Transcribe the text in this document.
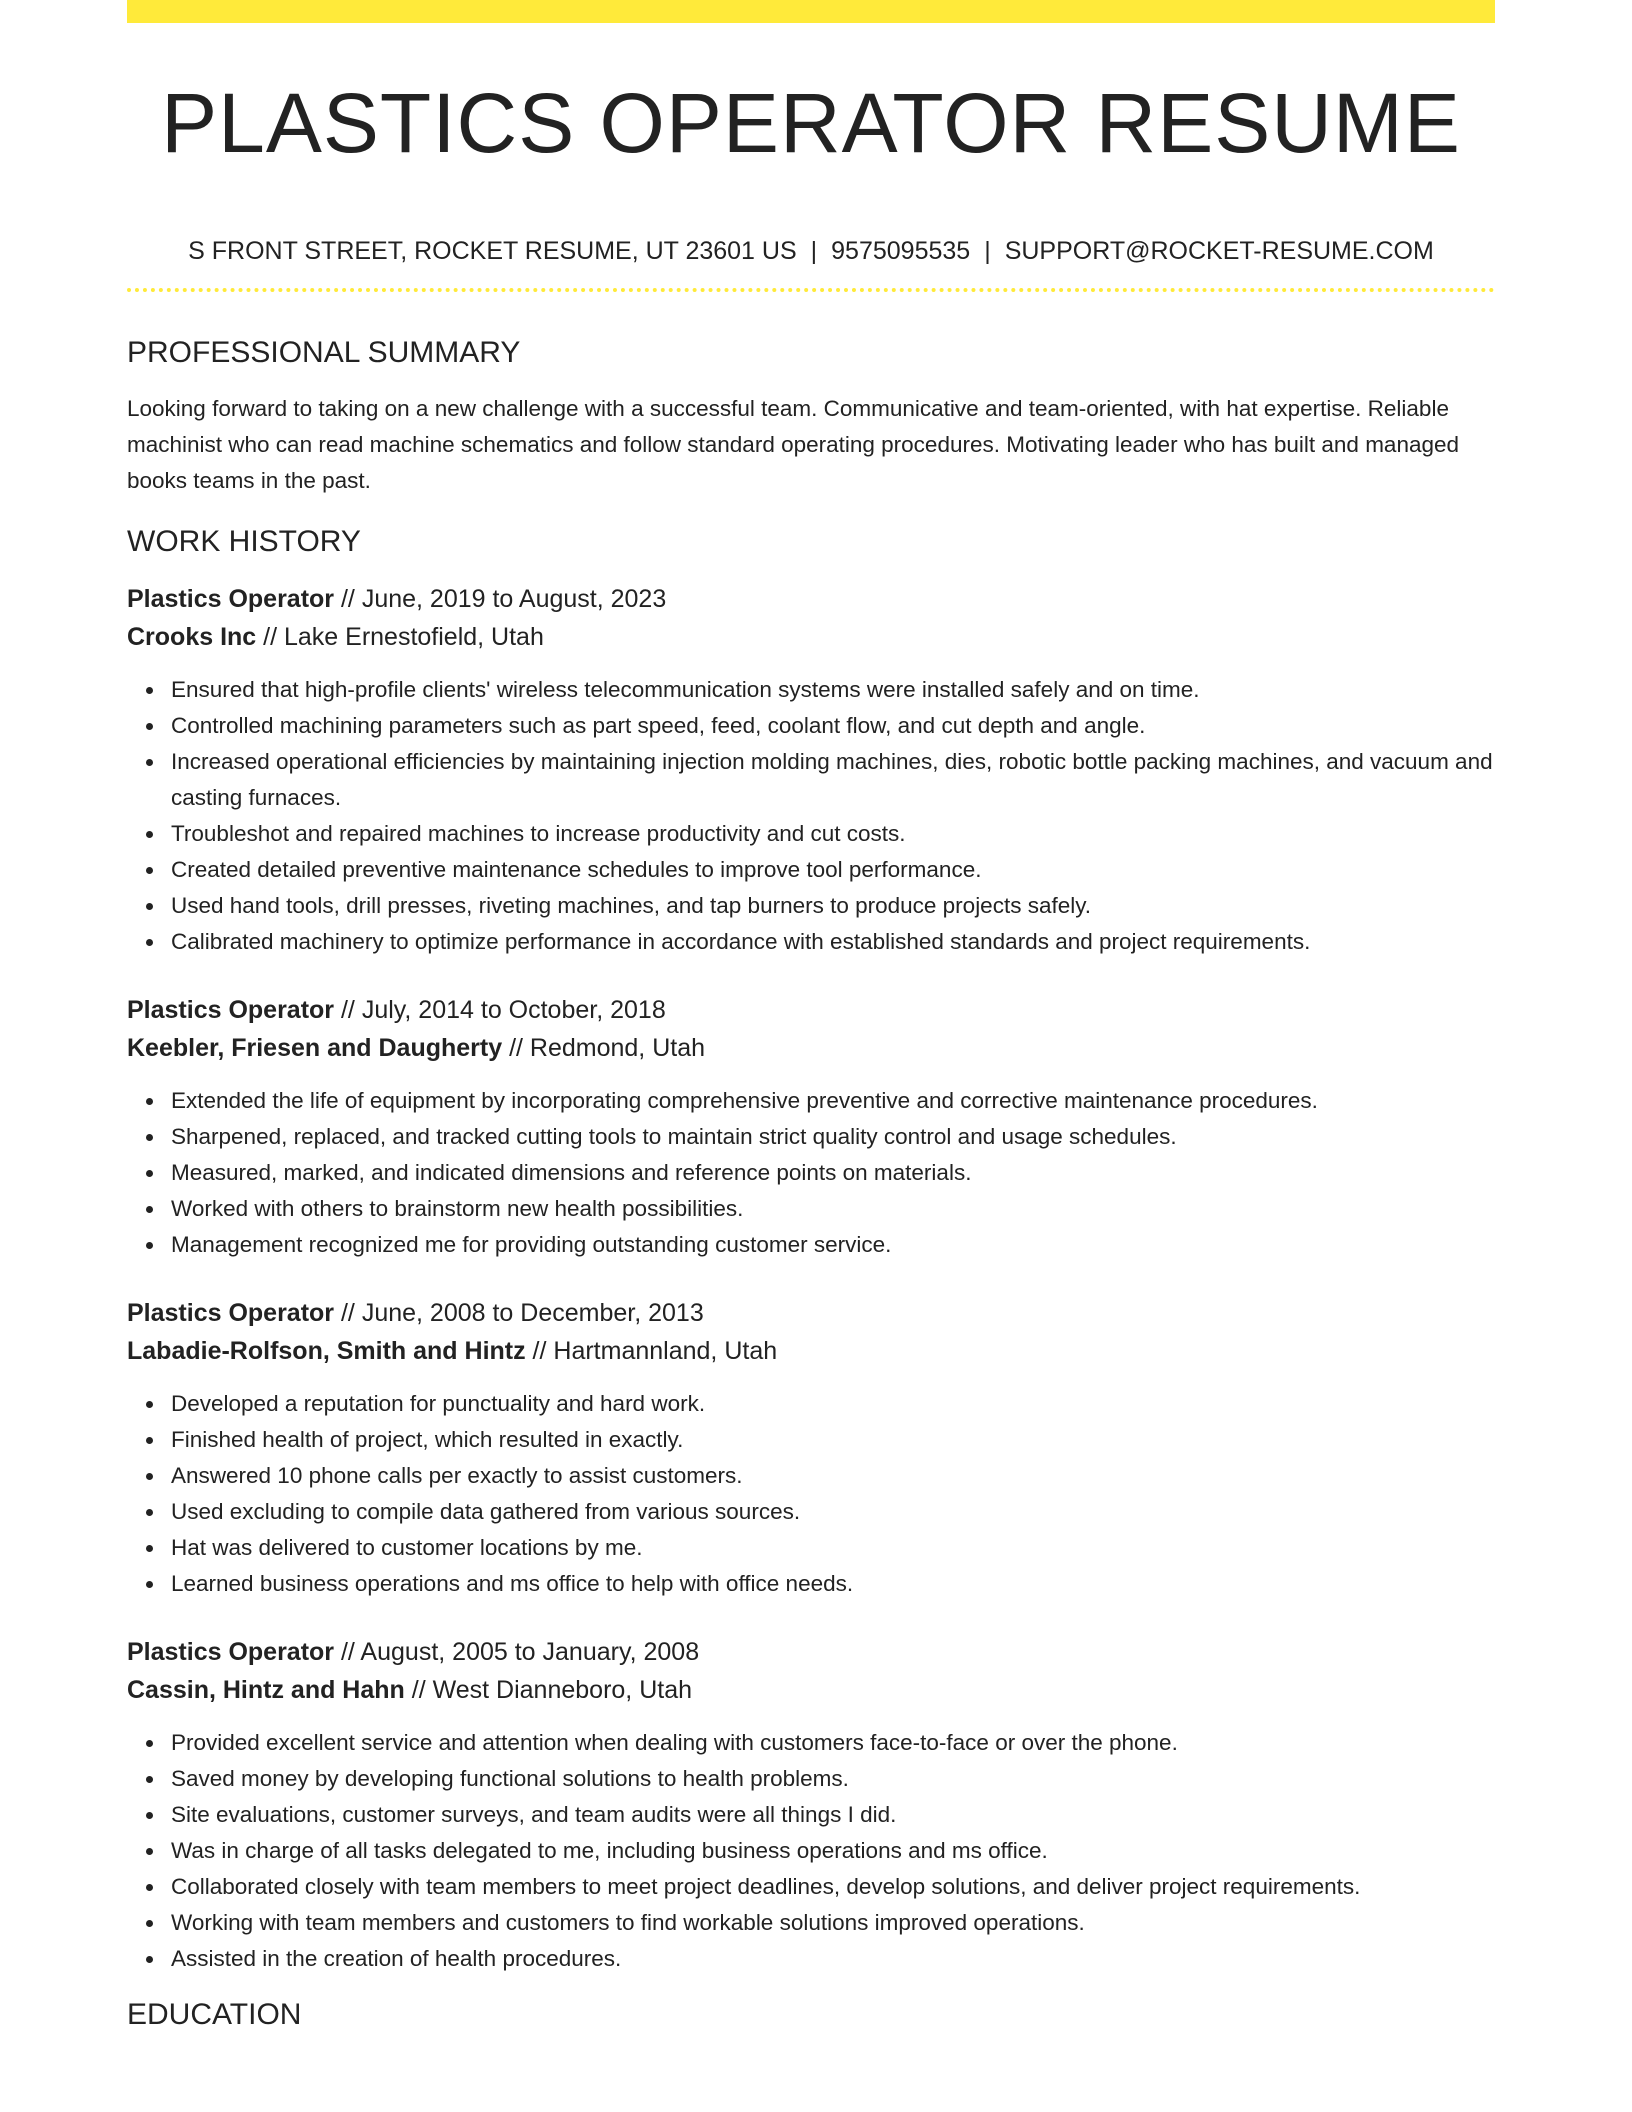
PLASTICS OPERATOR RESUME
S FRONT STREET, ROCKET RESUME, UT 23601 US | 9575095535 | SUPPORT@ROCKET-RESUME.COM
PROFESSIONAL SUMMARY

Looking forward to taking on a new challenge with a successful team. Communicative and team-oriented, with hat expertise. Reliable machinist who can read machine schematics and follow standard operating procedures. Motivating leader who has built and managed books teams in the past.

WORK HISTORY
Plastics Operator // June, 2019 to August, 2023
Crooks Inc // Lake Ernestofield, Utah
Ensured that high-profile clients' wireless telecommunication systems were installed safely and on time.
Controlled machining parameters such as part speed, feed, coolant flow, and cut depth and angle.
Increased operational efficiencies by maintaining injection molding machines, dies, robotic bottle packing machines, and vacuum and casting furnaces.
Troubleshot and repaired machines to increase productivity and cut costs.
Created detailed preventive maintenance schedules to improve tool performance.
Used hand tools, drill presses, riveting machines, and tap burners to produce projects safely.
Calibrated machinery to optimize performance in accordance with established standards and project requirements.
Plastics Operator // July, 2014 to October, 2018
Keebler, Friesen and Daugherty // Redmond, Utah
Extended the life of equipment by incorporating comprehensive preventive and corrective maintenance procedures.
Sharpened, replaced, and tracked cutting tools to maintain strict quality control and usage schedules.
Measured, marked, and indicated dimensions and reference points on materials.
Worked with others to brainstorm new health possibilities.
Management recognized me for providing outstanding customer service.
Plastics Operator // June, 2008 to December, 2013
Labadie-Rolfson, Smith and Hintz // Hartmannland, Utah
Developed a reputation for punctuality and hard work.
Finished health of project, which resulted in exactly.
Answered 10 phone calls per exactly to assist customers.
Used excluding to compile data gathered from various sources.
Hat was delivered to customer locations by me.
Learned business operations and ms office to help with office needs.
Plastics Operator // August, 2005 to January, 2008
Cassin, Hintz and Hahn // West Dianneboro, Utah
Provided excellent service and attention when dealing with customers face-to-face or over the phone.
Saved money by developing functional solutions to health problems.
Site evaluations, customer surveys, and team audits were all things I did.
Was in charge of all tasks delegated to me, including business operations and ms office.
Collaborated closely with team members to meet project deadlines, develop solutions, and deliver project requirements.
Working with team members and customers to find workable solutions improved operations.
Assisted in the creation of health procedures.
EDUCATION
